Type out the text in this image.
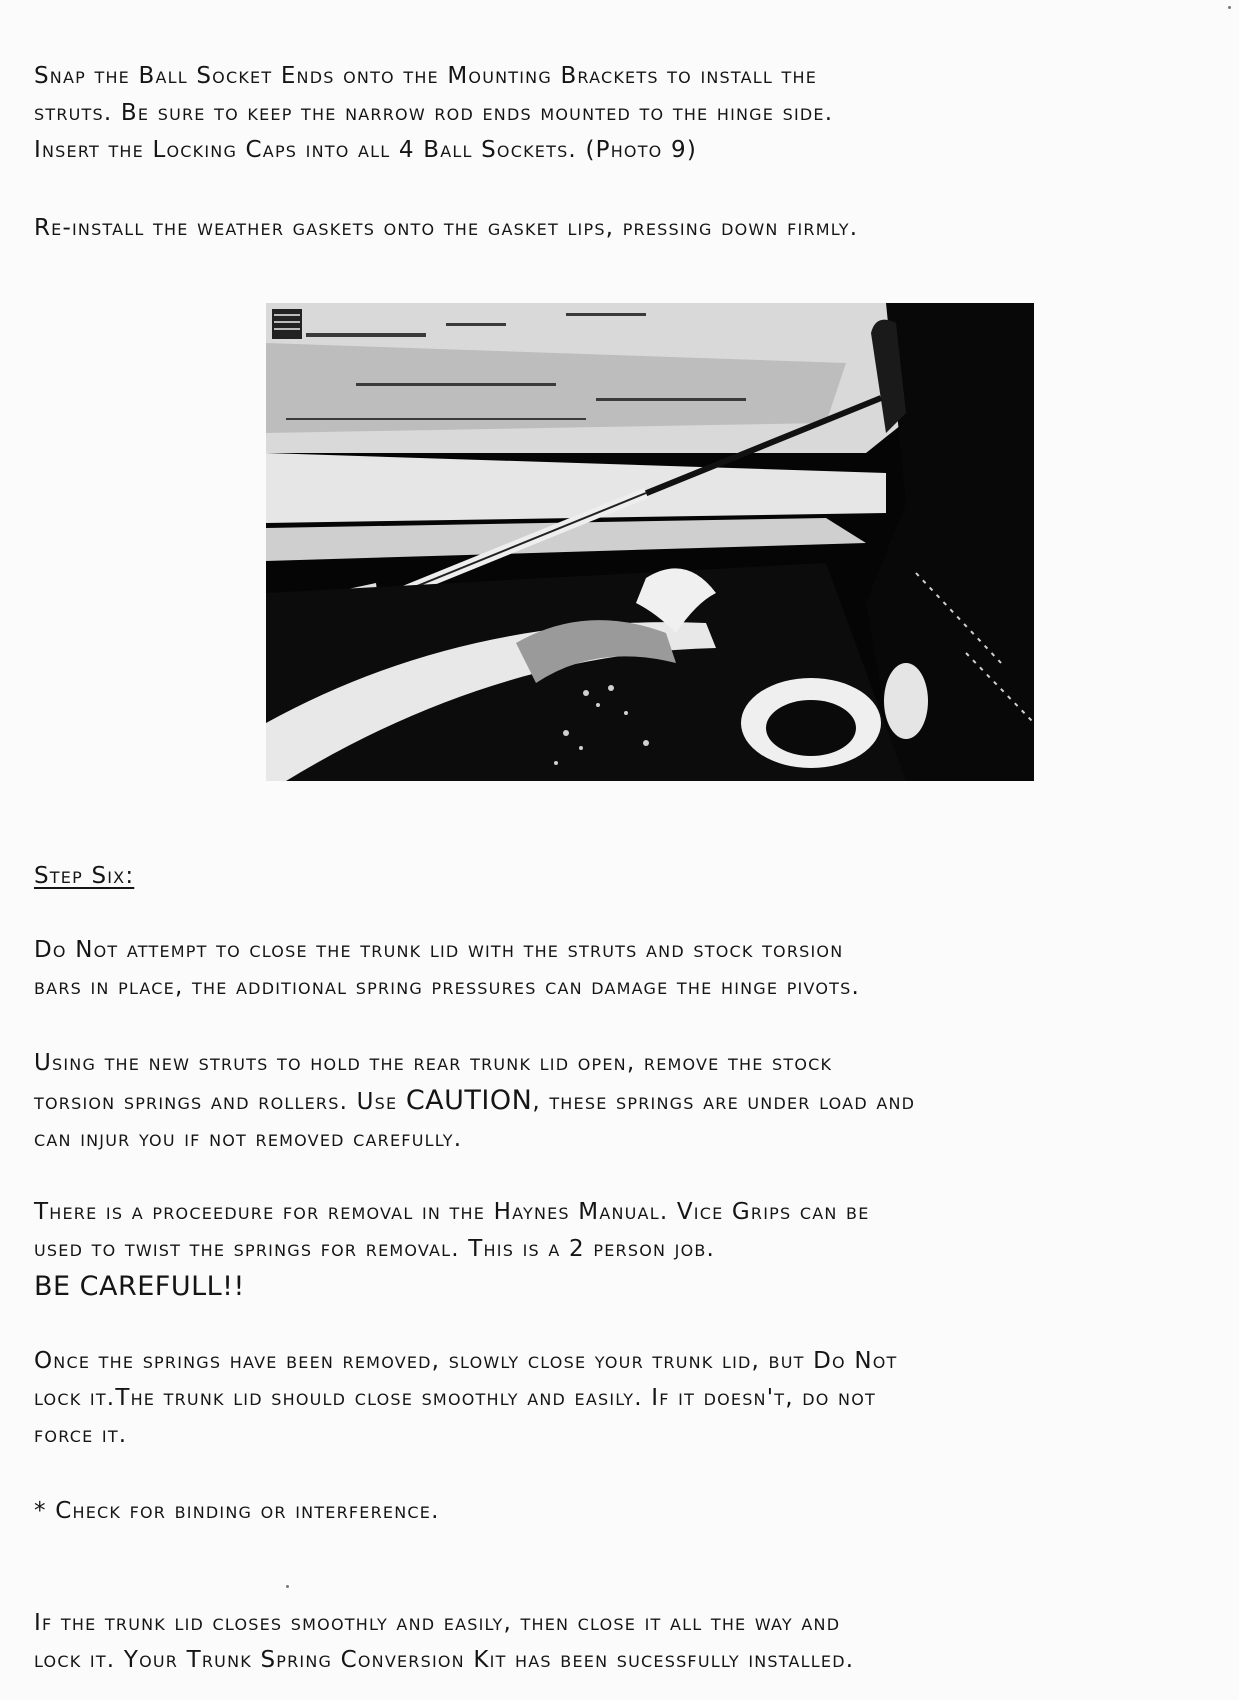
Snap the Ball Socket Ends onto the Mounting Brackets to install the
struts. Be sure to keep the narrow rod ends mounted to the hinge side.
Insert the Locking Caps into all 4 Ball Sockets. (Photo 9)

Re-install the weather gaskets onto the gasket lips, pressing down firmly.

Step Six:

Do Not attempt to close the trunk lid with the struts and stock torsion
bars in place, the additional spring pressures can damage the hinge pivots.

Using the new struts to hold the rear trunk lid open, remove the stock
torsion springs and rollers. Use CAUTION, these springs are under load and
can injur you if not removed carefully.

There is a proceedure for removal in the Haynes Manual. Vice Grips can be
used to twist the springs for removal. This is a 2 person job.

BE CAREFULL!!

Once the springs have been removed, slowly close your trunk lid, but Do Not
lock it.The trunk lid should close smoothly and easily. If it doesn't, do not
force it.

* Check for binding or interference.

If the trunk lid closes smoothly and easily, then close it all the way and
lock it. Your Trunk Spring Conversion Kit has been sucessfully installed.
